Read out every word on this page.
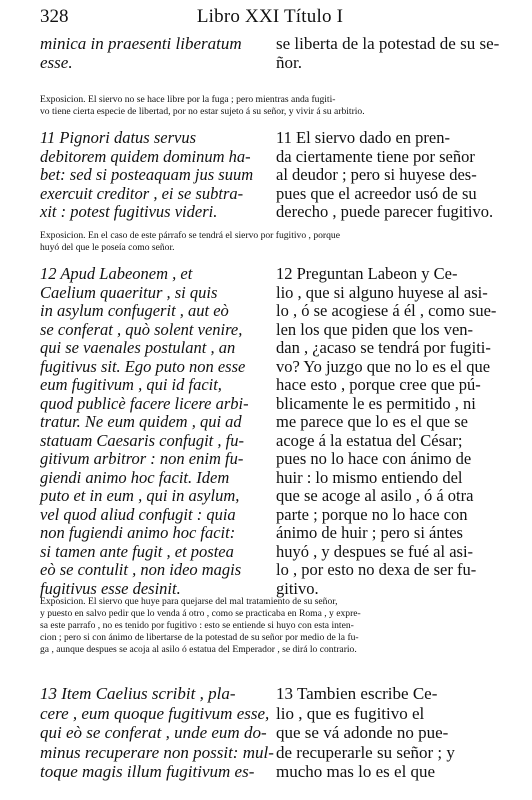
328	Libro XXI Título I
minica in praesenti liberatum
esse.
se liberta de la potestad de su se-
ñor.
Exposicion. El siervo no se hace libre por la fuga ; pero mientras anda fugiti-
vo tiene cierta especie de libertad, por no estar sujeto á su señor, y vivir á su arbitrio.
11 Pignori datus servus
debitorem quidem dominum ha-
bet: sed si posteaquam jus suum
exercuit creditor , ei se subtra-
xit : potest fugitivus videri.
11 El siervo dado en pren-
da ciertamente tiene por señor
al deudor ; pero si huyese des-
pues que el acreedor usó de su
derecho , puede parecer fugitivo.
Exposicion. En el caso de este párrafo se tendrá el siervo por fugitivo , porque
huyó del que le poseía como señor.
12 Apud Labeonem , et
Caelium quaeritur , si quis
in asylum confugerit , aut eò
se conferat , quò solent venire,
qui se vaenales postulant , an
fugitivus sit. Ego puto non esse
eum fugitivum , qui id facit,
quod publicè facere licere arbi-
tratur. Ne eum quidem , qui ad
statuam Caesaris confugit , fu-
gitivum arbitror : non enim fu-
giendi animo hoc facit. Idem
puto et in eum , qui in asylum,
vel quod aliud confugit : quia
non fugiendi animo hoc facit:
si tamen ante fugit , et postea
eò se contulit , non ideo magis
fugitivus esse desinit.
12 Preguntan Labeon y Ce-
lio , que si alguno huyese al asi-
lo , ó se acogiese á él , como sue-
len los que piden que los ven-
dan , ¿acaso se tendrá por fugiti-
vo? Yo juzgo que no lo es el que
hace esto , porque cree que pú-
blicamente le es permitido , ni
me parece que lo es el que se
acoge á la estatua del César;
pues no lo hace con ánimo de
huir : lo mismo entiendo del
que se acoge al asilo , ó á otra
parte ; porque no lo hace con
ánimo de huir ; pero si ántes
huyó , y despues se fué al asi-
lo , por esto no dexa de ser fu-
gitivo.
Exposicion. El siervo que huye para quejarse del mal tratamiento de su señor,
y puesto en salvo pedir que lo venda á otro , como se practicaba en Roma , y expre-
sa este parrafo , no es tenido por fugitivo : esto se entiende si huyo con esta inten-
cion ; pero si con ánimo de libertarse de la potestad de su señor por medio de la fu-
ga , aunque despues se acoja al asilo ó estatua del Emperador , se dirá lo contrario.
13 Item Caelius scribit , pla-
cere , eum quoque fugitivum esse,
qui eò se conferat , unde eum do-
minus recuperare non possit: mul-
toque magis illum fugitivum es-
13 Tambien escribe Ce-
lio , que es fugitivo el
que se vá adonde no pue-
de recuperarle su señor ; y
mucho mas lo es el que
